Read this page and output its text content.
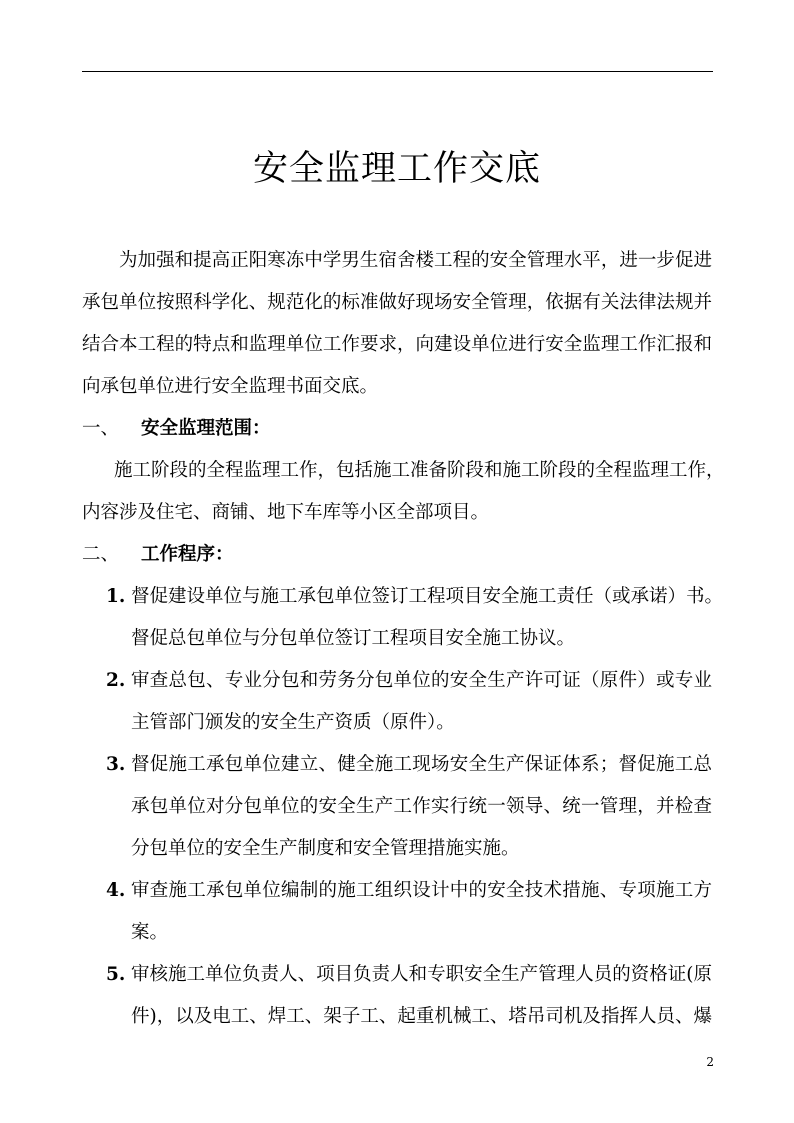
安全监理工作交底
为加强和提高正阳寒冻中学男生宿舍楼工程的安全管理水平，进一步促进
承包单位按照科学化、规范化的标准做好现场安全管理，依据有关法律法规并
结合本工程的特点和监理单位工作要求，向建设单位进行安全监理工作汇报和
向承包单位进行安全监理书面交底。
一、 安全监理范围：
施工阶段的全程监理工作，包括施工准备阶段和施工阶段的全程监理工作，
内容涉及住宅、商铺、地下车库等小区全部项目。
二、 工作程序：
1. 督促建设单位与施工承包单位签订工程项目安全施工责任（或承诺）书。
督促总包单位与分包单位签订工程项目安全施工协议。
2. 审查总包、专业分包和劳务分包单位的安全生产许可证（原件）或专业
主管部门颁发的安全生产资质（原件）。
3. 督促施工承包单位建立、健全施工现场安全生产保证体系；督促施工总
承包单位对分包单位的安全生产工作实行统一领导、统一管理，并检查
分包单位的安全生产制度和安全管理措施实施。
4. 审查施工承包单位编制的施工组织设计中的安全技术措施、专项施工方
案。
5. 审核施工单位负责人、项目负责人和专职安全生产管理人员的资格证(原
件)，以及电工、焊工、架子工、起重机械工、塔吊司机及指挥人员、爆
2
